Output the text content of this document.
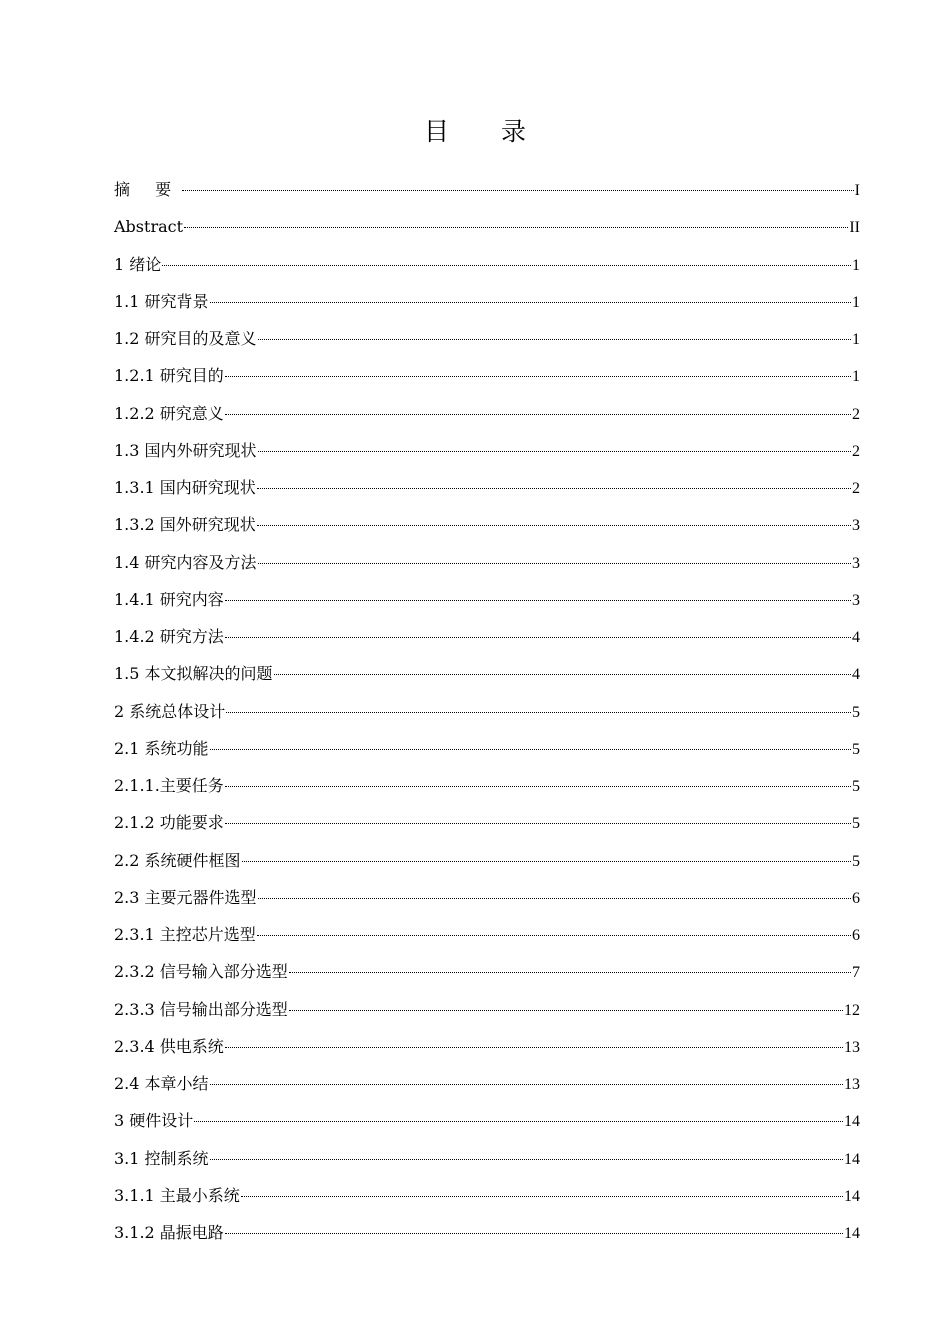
目 录
摘 要	I
Abstract	II
1 绪论	1
1.1 研究背景	1
1.2 研究目的及意义	1
1.2.1 研究目的	1
1.2.2 研究意义	2
1.3 国内外研究现状	2
1.3.1 国内研究现状	2
1.3.2 国外研究现状	3
1.4 研究内容及方法	3
1.4.1 研究内容	3
1.4.2 研究方法	4
1.5 本文拟解决的问题	4
2 系统总体设计	5
2.1 系统功能	5
2.1.1.主要任务	5
2.1.2 功能要求	5
2.2 系统硬件框图	5
2.3 主要元器件选型	6
2.3.1 主控芯片选型	6
2.3.2 信号输入部分选型	7
2.3.3 信号输出部分选型	12
2.3.4 供电系统	13
2.4 本章小结	13
3 硬件设计	14
3.1 控制系统	14
3.1.1 主最小系统	14
3.1.2 晶振电路	14
